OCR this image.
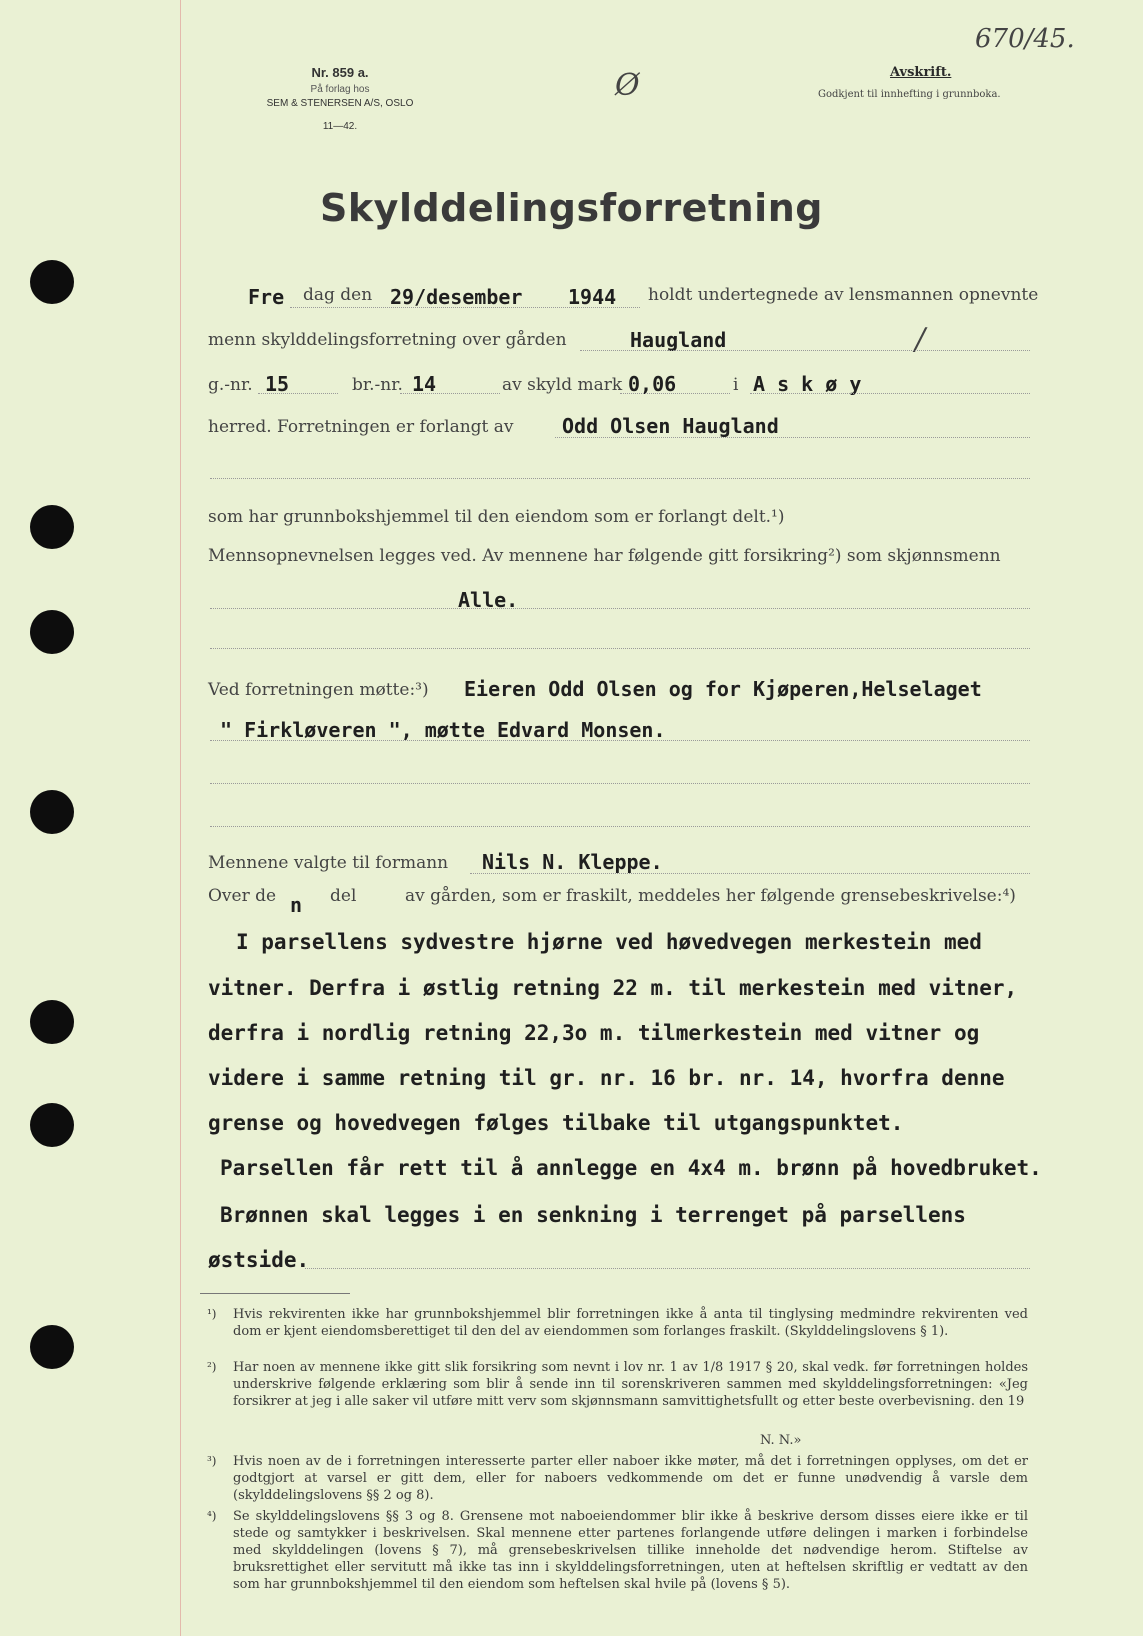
Nr. 859 a.
På forlag hos
SEM & STENERSEN A/S, OSLO
11—42.
Ø
670/45.
Avskrift.
Godkjent til innhefting i grunnboka.
Skylddelingsforretning
Fre dag den 29/desember 1944 holdt undertegnede av lensmannen opnevnte
menn skylddelingsforretning over gården	Haugland	/
g.-nr. 15	br.-nr. 14	av skyld mark 0,06	i A s k ø y
herred. Forretningen er forlangt av Odd Olsen Haugland
som har grunnbokshjemmel til den eiendom som er forlangt delt.¹)
Mennsopnevnelsen legges ved. Av mennene har følgende gitt forsikring²) som skjønnsmenn
Alle.
Ved forretningen møtte:³) Eieren Odd Olsen og for Kjøperen,Helselaget
" Firkløveren ", møtte Edvard Monsen.
Mennene valgte til formann Nils N. Kleppe.
Over de n del	av gården, som er fraskilt, meddeles her følgende grensebeskrivelse:⁴)
I parsellens sydvestre hjørne ved høvedvegen merkestein med
vitner. Derfra i østlig retning 22 m. til merkestein med vitner,
derfra i nordlig retning 22,3o m. tilmerkestein med vitner og
videre i samme retning til gr. nr. 16 br. nr. 14, hvorfra denne
grense og hovedvegen følges tilbake til utgangspunktet.
Parsellen får rett til å annlegge en 4x4 m. brønn på hovedbruket.
Brønnen skal legges i en senkning i terrenget på parsellens
østside.
¹) Hvis rekvirenten ikke har grunnbokshjemmel blir forretningen ikke å anta til tinglysing medmindre rekvirenten ved dom er kjent eiendomsberettiget til den del av eiendommen som forlanges fraskilt. (Skylddelingslovens § 1).
²) Har noen av mennene ikke gitt slik forsikring som nevnt i lov nr. 1 av 1/8 1917 § 20, skal vedk. før forretningen holdes underskrive følgende erklæring som blir å sende inn til sorenskriveren sammen med skylddelingsforretningen: «Jeg forsikrer at jeg i alle saker vil utføre mitt verv som skjønnsmann samvittighetsfullt og etter beste overbevisning. den 19
N. N.»
³) Hvis noen av de i forretningen interesserte parter eller naboer ikke møter, må det i forretningen opplyses, om det er godtgjort at varsel er gitt dem, eller for naboers vedkommende om det er funne unødvendig å varsle dem (skylddelingslovens §§ 2 og 8).
⁴) Se skylddelingslovens §§ 3 og 8. Grensene mot naboeiendommer blir ikke å beskrive dersom disses eiere ikke er til stede og samtykker i beskrivelsen. Skal mennene etter partenes forlangende utføre delingen i marken i forbindelse med skylddelingen (lovens § 7), må grensebeskrivelsen tillike inneholde det nødvendige herom. Stiftelse av bruksrettighet eller servitutt må ikke tas inn i skylddelingsforretningen, uten at heftelsen skriftlig er vedtatt av den som har grunnbokshjemmel til den eiendom som heftelsen skal hvile på (lovens § 5).
